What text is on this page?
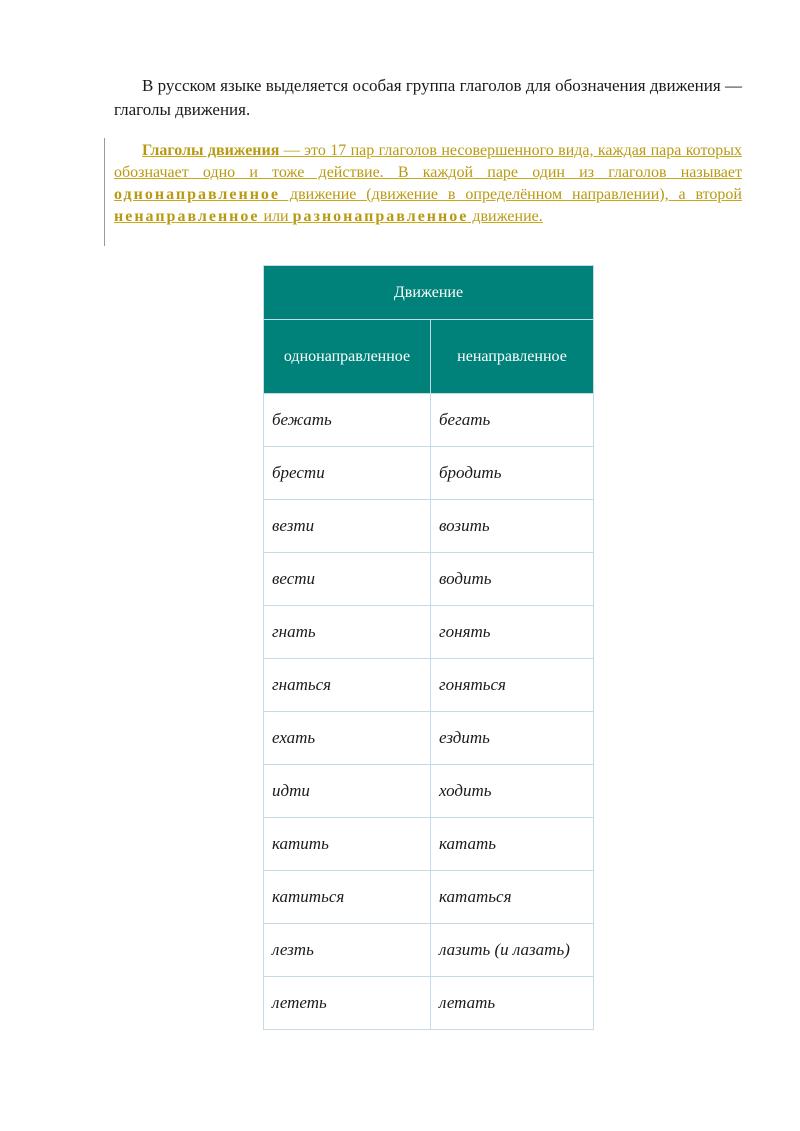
В русском языке выделяется особая группа глаголов для обозначения движения — глаголы движения.

Глаголы движения — это 17 пар глаголов несовершенного вида, каждая пара которых обозначает одно и тоже действие. В каждой паре один из глаголов называет однонаправленное движение (движение в определённом направлении), а второй ненаправленное или разнонаправленное движение.

Движение	
однонаправленное	ненаправленное
бежать	бегать
брести	бродить
везти	возить
вести	водить
гнать	гонять
гнаться	гоняться
ехать	ездить
идти	ходить
катить	катать
катиться	кататься
лезть	лазить (и лазать)
лететь	летать
